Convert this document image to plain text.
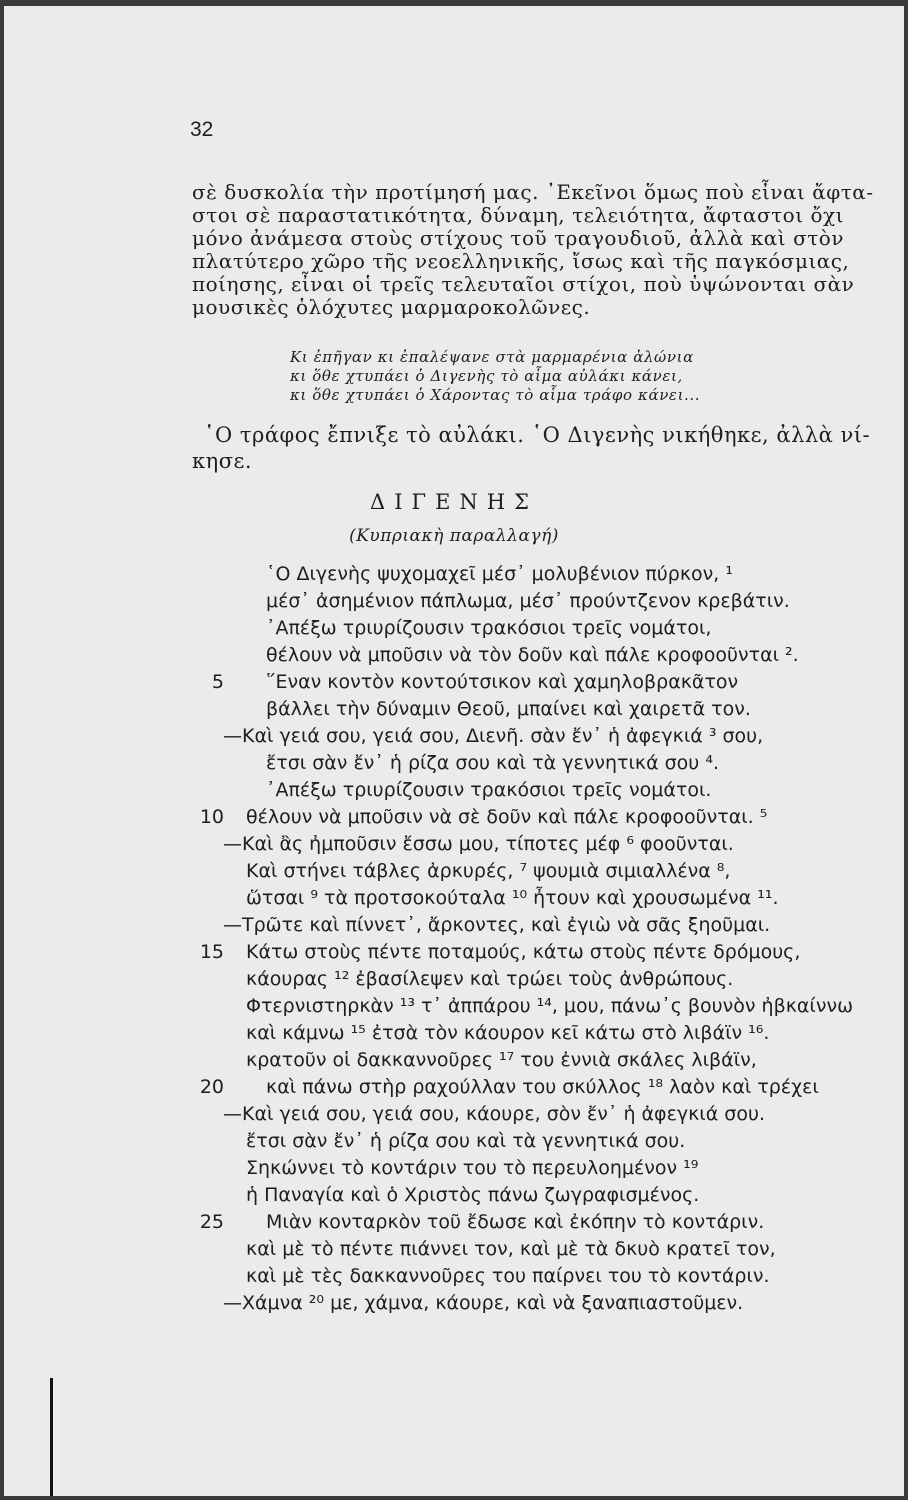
32
σὲ δυσκολία τὴν προτίμησή μας. ᾿Εκεῖνοι ὅμως ποὺ εἶναι ἄφτα-
στοι σὲ παραστατικότητα, δύναμη, τελειότητα, ἄφταστοι ὄχι
μόνο ἀνάμεσα στοὺς στίχους τοῦ τραγουδιοῦ, ἀλλὰ καὶ στὸν
πλατύτερο χῶρο τῆς νεοελληνικῆς, ἴσως καὶ τῆς παγκόσμιας,
ποίησης, εἶναι οἱ τρεῖς τελευταῖοι στίχοι, ποὺ ὑψώνονται σὰν
μουσικὲς ὁλόχυτες μαρμαροκολῶνες.
Κι ἐπῆγαν κι ἐπαλέψανε στὰ μαρμαρένια ἁλώνια
κι ὅθε χτυπάει ὁ Διγενὴς τὸ αἷμα αὐλάκι κάνει,
κι ὅθε χτυπάει ὁ Χάροντας τὸ αἷμα τράφο κάνει...
῾Ο τράφος ἔπνιξε τὸ αὐλάκι. ῾Ο Διγενὴς νικήθηκε, ἀλλὰ νί-
κησε.
ΔΙΓΕΝΗΣ
(Κυπριακὴ παραλλαγή)
῾Ο Διγενὴς ψυχομαχεῖ μέσ᾿ μολυβένιον πύρκον, ¹
μέσ᾿ ἀσημένιον πάπλωμα, μέσ᾿ προύντζενον κρεβάτιν.
᾿Απέξω τριυρίζουσιν τρακόσιοι τρεῖς νομάτοι,
θέλουν νὰ μποῦσιν νὰ τὸν δοῦν καὶ πάλε κροφοοῦνται ².
5 ῞Εναν κοντὸν κοντούτσικον καὶ χαμηλοβρακᾶτον
βάλλει τὴν δύναμιν Θεοῦ, μπαίνει καὶ χαιρετᾶ τον.
—Καὶ γειά σου, γειά σου, Διενῆ. σὰν ἔν᾿ ἡ ἀφεγκιά ³ σου,
ἔτσι σὰν ἔν᾿ ἡ ρίζα σου καὶ τὰ γεννητικά σου ⁴.
᾿Απέξω τριυρίζουσιν τρακόσιοι τρεῖς νομάτοι.
10 θέλουν νὰ μποῦσιν νὰ σὲ δοῦν καὶ πάλε κροφοοῦνται. ⁵
—Καὶ ἂς ἠμποῦσιν ἔσσω μου, τίποτες μέφ ⁶ φοοῦνται.
Καὶ στήνει τάβλες ἀρκυρές, ⁷ ψουμιὰ σιμιαλλένα ⁸,
ὥτσαι ⁹ τὰ προτσοκούταλα ¹⁰ ἦτουν καὶ χρουσωμένα ¹¹.
—Τρῶτε καὶ πίννετ᾿, ἄρκοντες, καὶ ἐγιὼ νὰ σᾶς ξηοῦμαι.
15 Κάτω στοὺς πέντε ποταμούς, κάτω στοὺς πέντε δρόμους,
κάουρας ¹² ἐβασίλεψεν καὶ τρώει τοὺς ἀνθρώπους.
Φτερνιστηρκὰν ¹³ τ᾿ ἀππάρου ¹⁴, μου, πάνω᾿ς βουνὸν ἠβκαίννω
καὶ κάμνω ¹⁵ ἐτσὰ τὸν κάουρον κεῖ κάτω στὸ λιβάϊν ¹⁶.
κρατοῦν οἱ δακκαννοῦρες ¹⁷ του ἐννιὰ σκάλες λιβάϊν,
20 καὶ πάνω στὴρ ραχούλλαν του σκύλλος ¹⁸ λαὸν καὶ τρέχει
—Καὶ γειά σου, γειά σου, κάουρε, σὸν ἔν᾿ ἡ ἀφεγκιά σου.
ἔτσι σὰν ἔν᾿ ἡ ρίζα σου καὶ τὰ γεννητικά σου.
Σηκώννει τὸ κοντάριν του τὸ περευλοημένον ¹⁹
ἡ Παναγία καὶ ὁ Χριστὸς πάνω ζωγραφισμένος.
25 Μιὰν κονταρκὸν τοῦ ἔδωσε καὶ ἐκόπην τὸ κοντάριν.
καὶ μὲ τὸ πέντε πιάννει τον, καὶ μὲ τὰ δκυὸ κρατεῖ τον,
καὶ μὲ τὲς δακκαννοῦρες του παίρνει του τὸ κοντάριν.
—Χάμνα ²⁰ με, χάμνα, κάουρε, καὶ νὰ ξαναπιαστοῦμεν.
